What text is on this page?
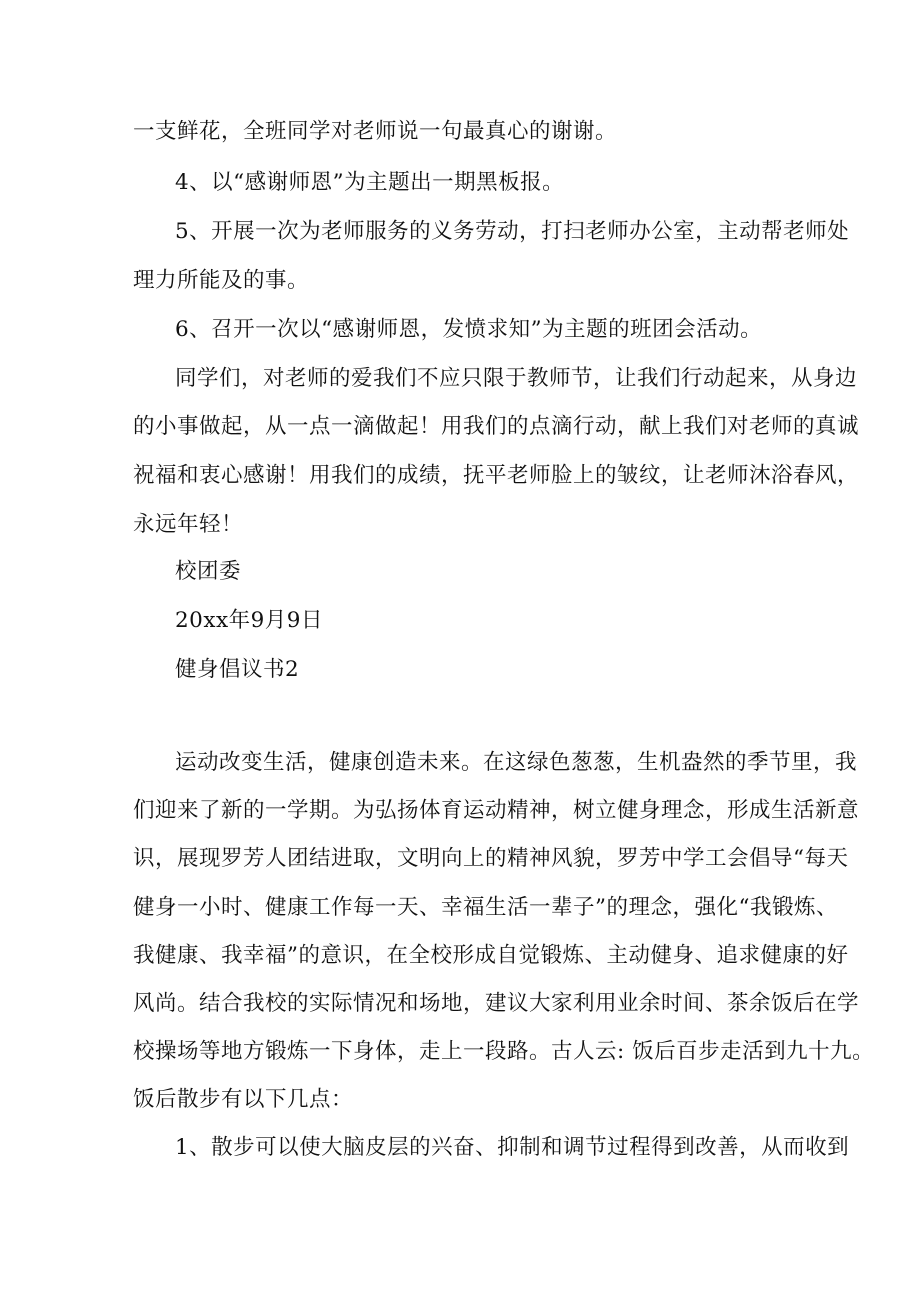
一支鲜花，全班同学对老师说一句最真心的谢谢。
4、以“感谢师恩”为主题出一期黑板报。
5、开展一次为老师服务的义务劳动，打扫老师办公室，主动帮老师处
理力所能及的事。
6、召开一次以“感谢师恩，发愤求知”为主题的班团会活动。
同学们，对老师的爱我们不应只限于教师节，让我们行动起来，从身边
的小事做起，从一点一滴做起！用我们的点滴行动，献上我们对老师的真诚
祝福和衷心感谢！用我们的成绩，抚平老师脸上的皱纹，让老师沐浴春风，
永远年轻！
校团委
20xx年9月9日
健身倡议书2
运动改变生活，健康创造未来。在这绿色葱葱，生机盎然的季节里，我
们迎来了新的一学期。为弘扬体育运动精神，树立健身理念，形成生活新意
识，展现罗芳人团结进取，文明向上的精神风貌，罗芳中学工会倡导“每天
健身一小时、健康工作每一天、幸福生活一辈子”的理念，强化“我锻炼、
我健康、我幸福”的意识，在全校形成自觉锻炼、主动健身、追求健康的好
风尚。结合我校的实际情况和场地，建议大家利用业余时间、茶余饭后在学
校操场等地方锻炼一下身体，走上一段路。古人云: 饭后百步走活到九十九。
饭后散步有以下几点：
1、散步可以使大脑皮层的兴奋、抑制和调节过程得到改善，从而收到
